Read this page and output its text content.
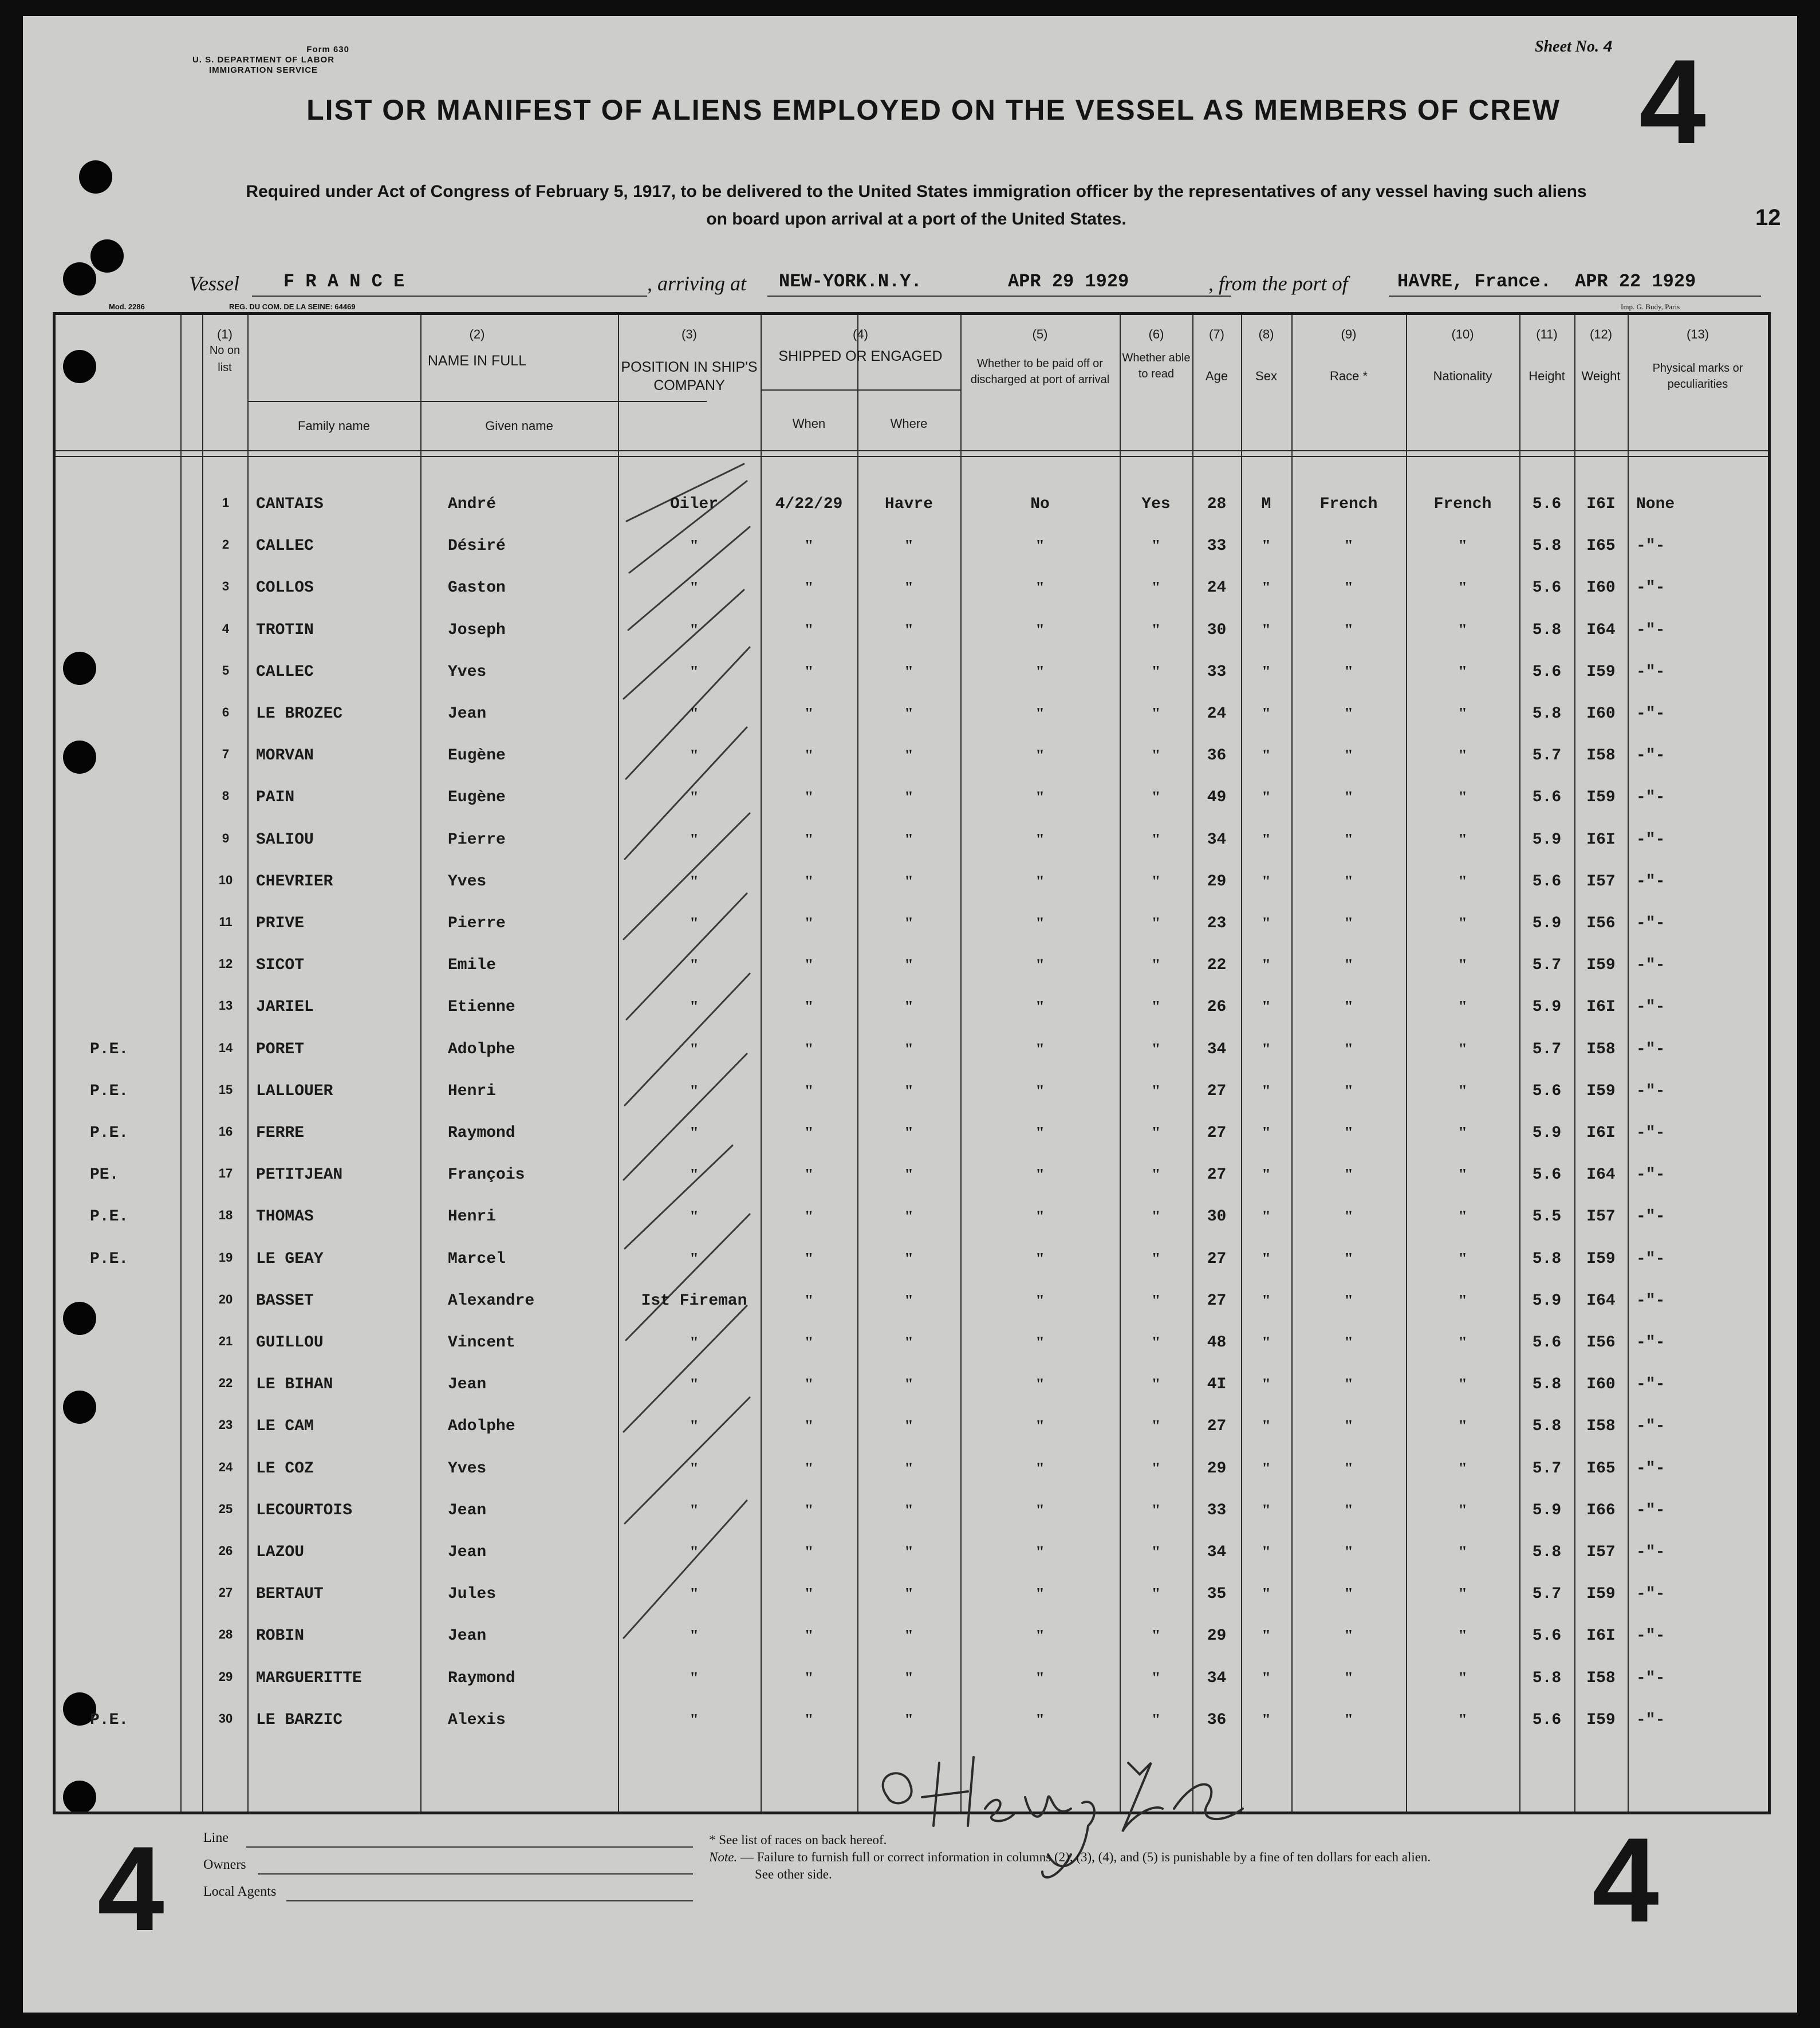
Form 630
U. S. DEPARTMENT OF LABOR
IMMIGRATION SERVICE
Sheet No. 4 4
12
LIST OR MANIFEST OF ALIENS EMPLOYED ON THE VESSEL AS MEMBERS OF CREW
Required under Act of Congress of February 5, 1917, to be delivered to the United States immigration officer by the representatives of any vessel having such aliens
on board upon arrival at a port of the United States.
Vessel F R A N C E	, arriving at NEW-YORK.N.Y.	APR 29 1929	, from the port of	HAVRE, France. APR 22 1929
Mod. 2286	REG. DU COM. DE LA SEINE: 64469	Imp. G. Budy, Paris
(1)
No on list
(2)
NAME IN FULL
Family name	Given name
(3)
POSITION IN SHIP'S COMPANY
(4)
SHIPPED OR ENGAGED
When	Where
(5)
Whether to be paid off or discharged at port of arrival
(6)
Whether able to read
(7)
Age
(8)
Sex
(9)
Race *
(10)
Nationality
(11)
Height
(12)
Weight
(13)
Physical marks or peculiarities
1	CANTAIS	André	Oiler	4/22/29	Havre	No	Yes	28	M	French	French	5.6	I6I	None
2	CALLEC	Désiré	"	"	"	"	"	33	"	"	"	5.8	I65	-"-
3	COLLOS	Gaston	"	"	"	"	"	24	"	"	"	5.6	I60	-"-
4	TROTIN	Joseph	"	"	"	"	"	30	"	"	"	5.8	I64	-"-
5	CALLEC	Yves	"	"	"	"	"	33	"	"	"	5.6	I59	-"-
6	LE BROZEC	Jean	"	"	"	"	"	24	"	"	"	5.8	I60	-"-
7	MORVAN	Eugène	"	"	"	"	"	36	"	"	"	5.7	I58	-"-
8	PAIN	Eugène	"	"	"	"	"	49	"	"	"	5.6	I59	-"-
9	SALIOU	Pierre	"	"	"	"	"	34	"	"	"	5.9	I6I	-"-
10	CHEVRIER	Yves	"	"	"	"	"	29	"	"	"	5.6	I57	-"-
11	PRIVE	Pierre	"	"	"	"	"	23	"	"	"	5.9	I56	-"-
12	SICOT	Emile	"	"	"	"	"	22	"	"	"	5.7	I59	-"-
13	JARIEL	Etienne	"	"	"	"	"	26	"	"	"	5.9	I6I	-"-
P.E.	14	PORET	Adolphe	"	"	"	"	"	34	"	"	"	5.7	I58	-"-
P.E.	15	LALLOUER	Henri	"	"	"	"	"	27	"	"	"	5.6	I59	-"-
P.E.	16	FERRE	Raymond	"	"	"	"	"	27	"	"	"	5.9	I6I	-"-
PE.	17	PETITJEAN	François	"	"	"	"	"	27	"	"	"	5.6	I64	-"-
P.E.	18	THOMAS	Henri	"	"	"	"	"	30	"	"	"	5.5	I57	-"-
P.E.	19	LE GEAY	Marcel	"	"	"	"	"	27	"	"	"	5.8	I59	-"-
20	BASSET	Alexandre	Ist Fireman	"	"	"	"	27	"	"	"	5.9	I64	-"-
21	GUILLOU	Vincent	"	"	"	"	"	48	"	"	"	5.6	I56	-"-
22	LE BIHAN	Jean	"	"	"	"	"	4I	"	"	"	5.8	I60	-"-
23	LE CAM	Adolphe	"	"	"	"	"	27	"	"	"	5.8	I58	-"-
24	LE COZ	Yves	"	"	"	"	"	29	"	"	"	5.7	I65	-"-
25	LECOURTOIS	Jean	"	"	"	"	"	33	"	"	"	5.9	I66	-"-
26	LAZOU	Jean	"	"	"	"	"	34	"	"	"	5.8	I57	-"-
27	BERTAUT	Jules	"	"	"	"	"	35	"	"	"	5.7	I59	-"-
28	ROBIN	Jean	"	"	"	"	"	29	"	"	"	5.6	I6I	-"-
29	MARGUERITTE	Raymond	"	"	"	"	"	34	"	"	"	5.8	I58	-"-
P.E.	30	LE BARZIC	Alexis	"	"	"	"	"	36	"	"	"	5.6	I59	-"-
4	4
Line
Owners
Local Agents
* See list of races on back hereof.
Note. — Failure to furnish full or correct information in columns (2), (3), (4), and (5) is punishable by a fine of ten dollars for each alien.
See other side.
